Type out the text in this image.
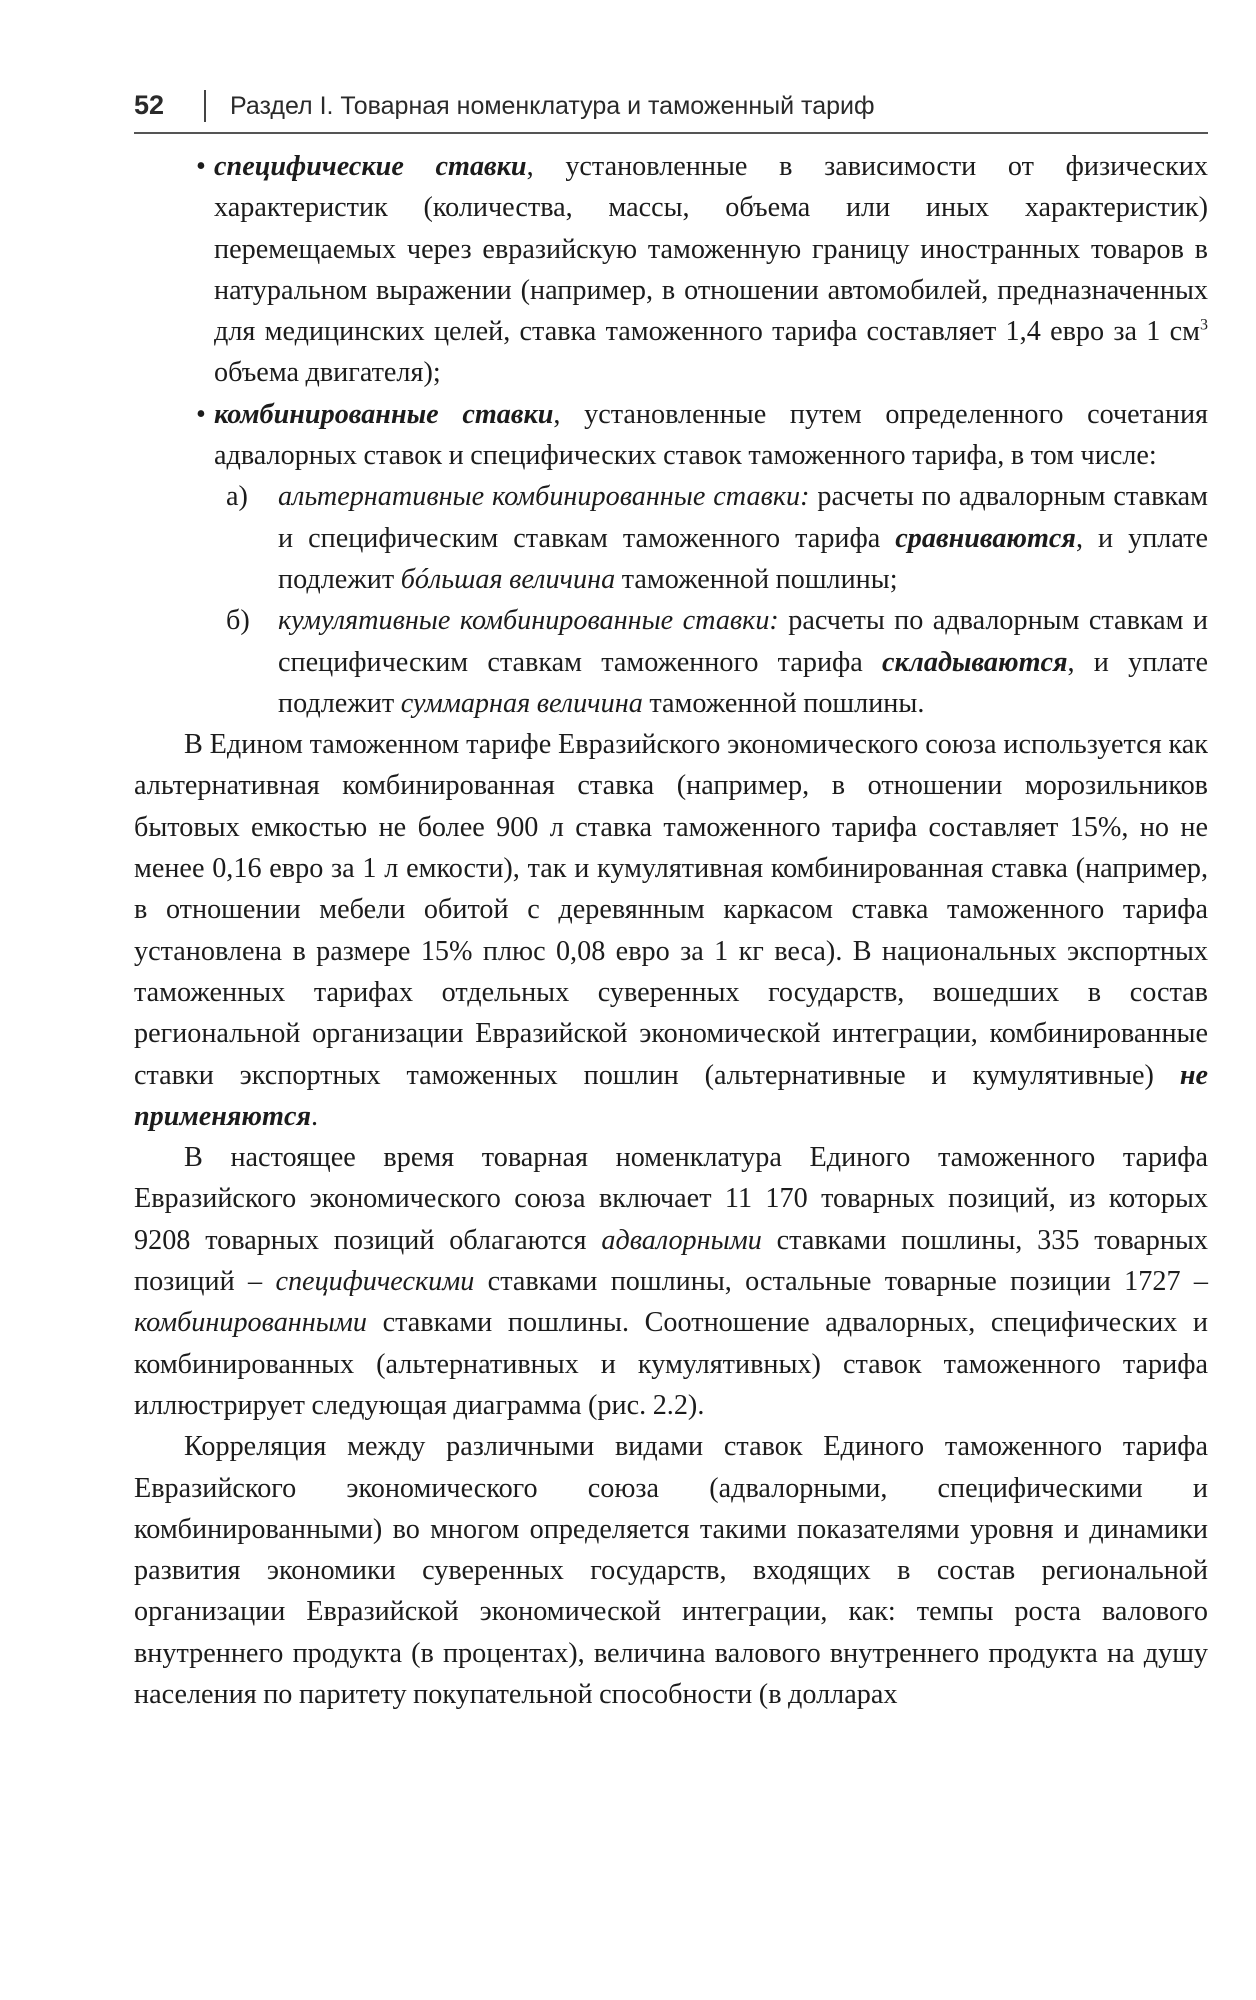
52	Раздел I. Товарная номенклатура и таможенный тариф
• специфические ставки, установленные в зависимости от физических характеристик (количества, массы, объема или иных характеристик) перемещаемых через евразийскую таможенную границу иностранных товаров в натуральном выражении (например, в отношении автомобилей, предназначенных для медицинских целей, ставка таможенного тарифа составляет 1,4 евро за 1 $см^3$ объема двигателя);
• комбинированные ставки, установленные путем определенного сочетания адвалорных ставок и специфических ставок таможенного тарифа, в том числе:
а) альтернативные комбинированные ставки: расчеты по адвалорным ставкам и специфическим ставкам таможенного тарифа сравниваются, и уплате подлежит бóльшая величина таможенной пошлины;
б) кумулятивные комбинированные ставки: расчеты по адвалорным ставкам и специфическим ставкам таможенного тарифа складываются, и уплате подлежит суммарная величина таможенной пошлины.

В Едином таможенном тарифе Евразийского экономического союза используется как альтернативная комбинированная ставка (например, в отношении морозильников бытовых емкостью не более 900 л ставка таможенного тарифа составляет 15%, но не менее 0,16 евро за 1 л емкости), так и кумулятивная комбинированная ставка (например, в отношении мебели обитой с деревянным каркасом ставка таможенного тарифа установлена в размере 15% плюс 0,08 евро за 1 кг веса). В национальных экспортных таможенных тарифах отдельных суверенных государств, вошедших в состав региональной организации Евразийской экономической интеграции, комбинированные ставки экспортных таможенных пошлин (альтернативные и кумулятивные) не применяются.

В настоящее время товарная номенклатура Единого таможенного тарифа Евразийского экономического союза включает 11 170 товарных позиций, из которых 9208 товарных позиций облагаются адвалорными ставками пошлины, 335 товарных позиций – специфическими ставками пошлины, остальные товарные позиции 1727 – комбинированными ставками пошлины. Соотношение адвалорных, специфических и комбинированных (альтернативных и кумулятивных) ставок таможенного тарифа иллюстрирует следующая диаграмма (рис. 2.2).

Корреляция между различными видами ставок Единого таможенного тарифа Евразийского экономического союза (адвалорными, специфическими и комбинированными) во многом определяется такими показателями уровня и динамики развития экономики суверенных государств, входящих в состав региональной организации Евразийской экономической интеграции, как: темпы роста валового внутреннего продукта (в процентах), величина валового внутреннего продукта на душу населения по паритету покупательной способности (в долларах
